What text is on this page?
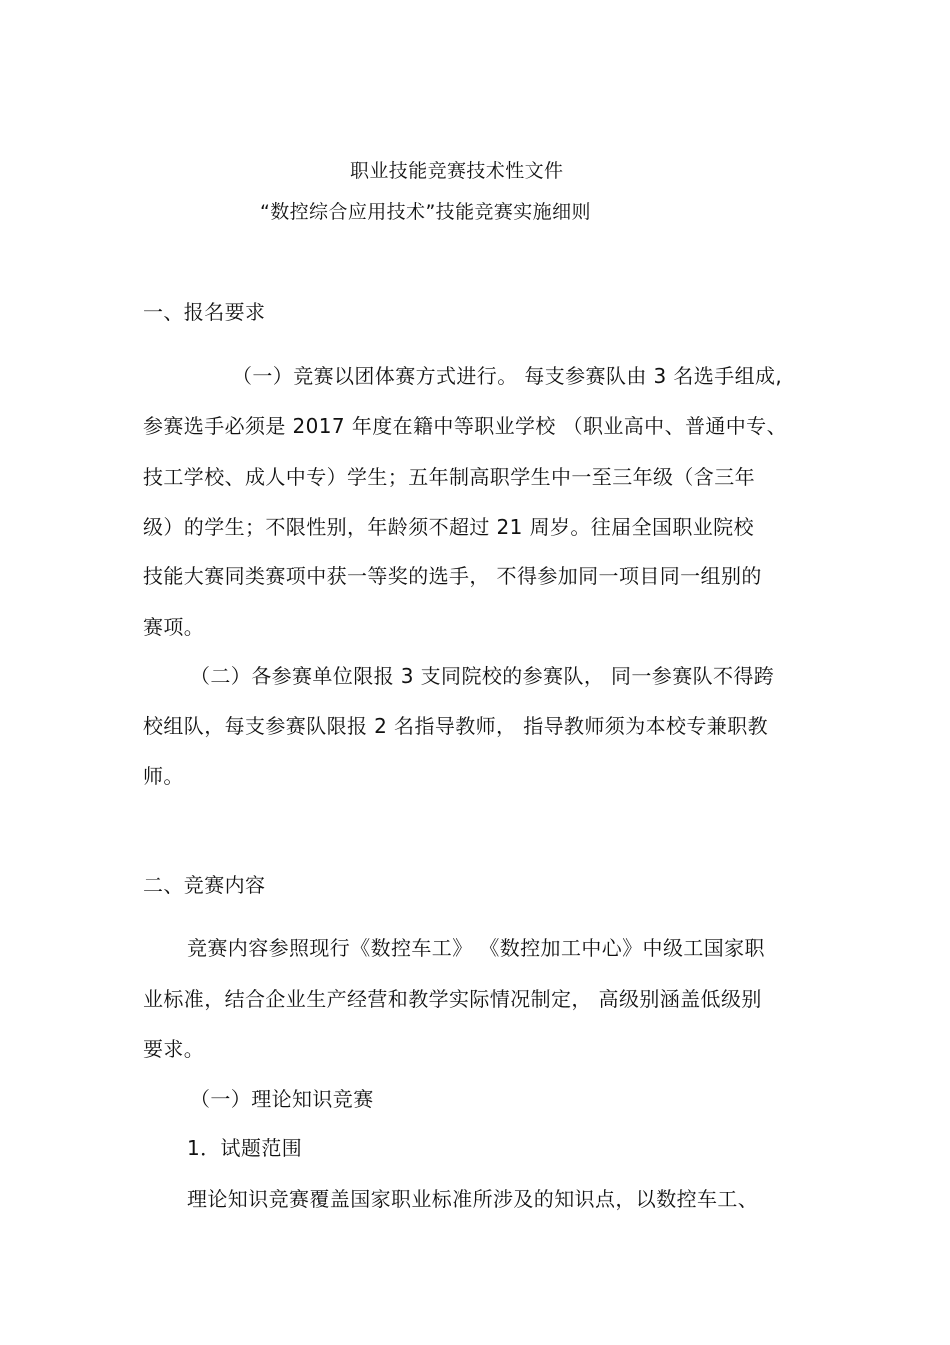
职业技能竞赛技术性文件
“数控综合应用技术”技能竞赛实施细则
一、报名要求
（一）竞赛以团体赛方式进行。 每支参赛队由 3 名选手组成,
参赛选手必须是 2017 年度在籍中等职业学校 （职业高中、普通中专、
技工学校、成人中专）学生；五年制高职学生中一至三年级（含三年
级）的学生；不限性别，年龄须不超过 21 周岁。往届全国职业院校
技能大赛同类赛项中获一等奖的选手， 不得参加同一项目同一组别的
赛项。
（二）各参赛单位限报 3 支同院校的参赛队， 同一参赛队不得跨
校组队，每支参赛队限报 2 名指导教师， 指导教师须为本校专兼职教
师。
二、竞赛内容
竞赛内容参照现行《数控车工》 《数控加工中心》中级工国家职
业标准，结合企业生产经营和教学实际情况制定， 高级别涵盖低级别
要求。
（一）理论知识竞赛
1．试题范围
理论知识竞赛覆盖国家职业标准所涉及的知识点，以数控车工、
